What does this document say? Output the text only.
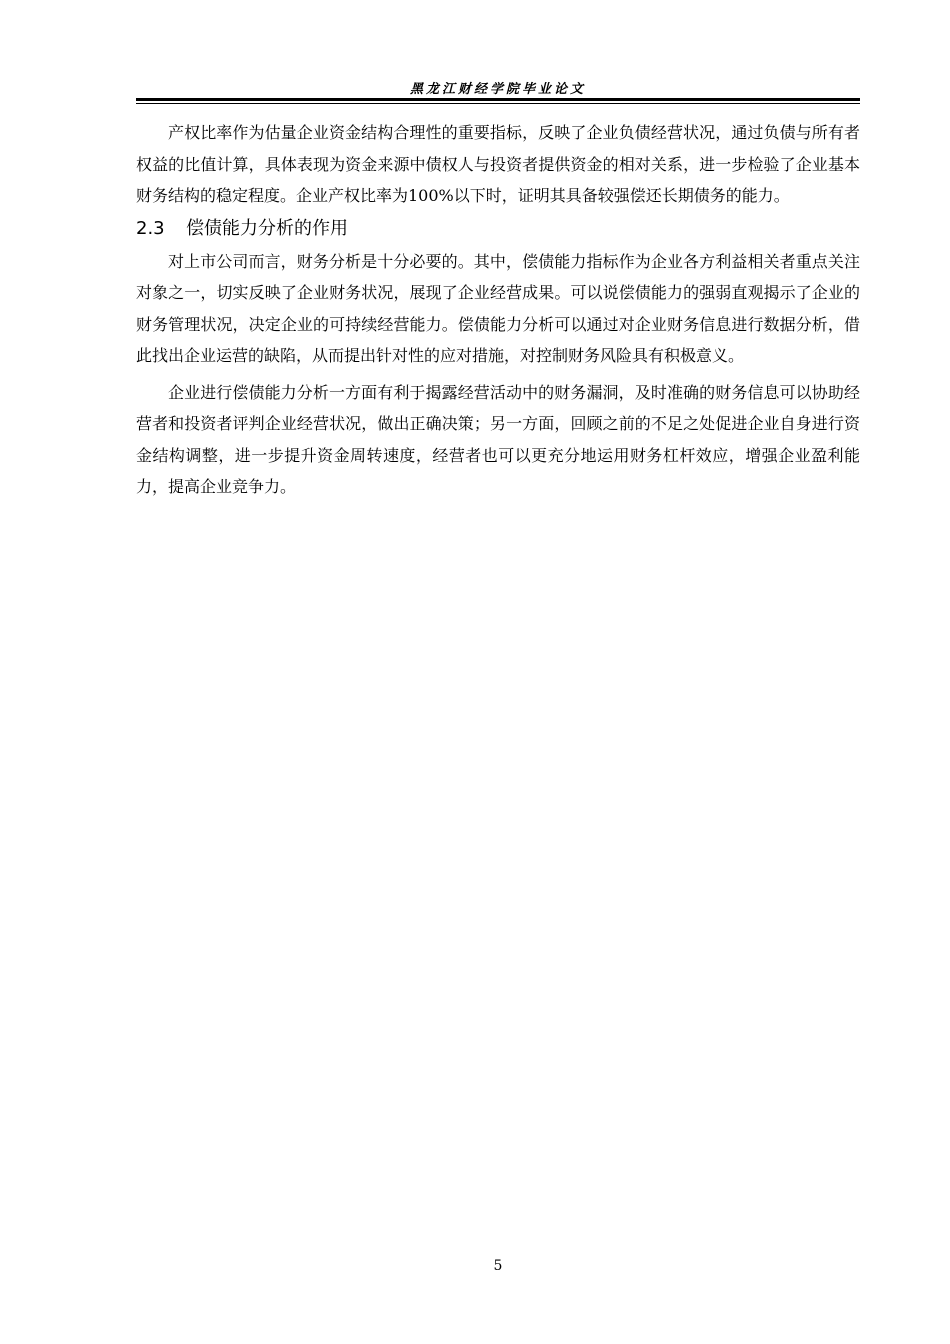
黑龙江财经学院毕业论文

产权比率作为估量企业资金结构合理性的重要指标，反映了企业负债经营状况，通过负债与所有者权益的比值计算，具体表现为资金来源中债权人与投资者提供资金的相对关系，进一步检验了企业基本财务结构的稳定程度。企业产权比率为100%以下时，证明其具备较强偿还长期债务的能力。

2.3 偿债能力分析的作用

对上市公司而言，财务分析是十分必要的。其中，偿债能力指标作为企业各方利益相关者重点关注对象之一，切实反映了企业财务状况，展现了企业经营成果。可以说偿债能力的强弱直观揭示了企业的财务管理状况，决定企业的可持续经营能力。偿债能力分析可以通过对企业财务信息进行数据分析，借此找出企业运营的缺陷，从而提出针对性的应对措施，对控制财务风险具有积极意义。

企业进行偿债能力分析一方面有利于揭露经营活动中的财务漏洞，及时准确的财务信息可以协助经营者和投资者评判企业经营状况，做出正确决策；另一方面，回顾之前的不足之处促进企业自身进行资金结构调整，进一步提升资金周转速度，经营者也可以更充分地运用财务杠杆效应，增强企业盈利能力，提高企业竞争力。

5
